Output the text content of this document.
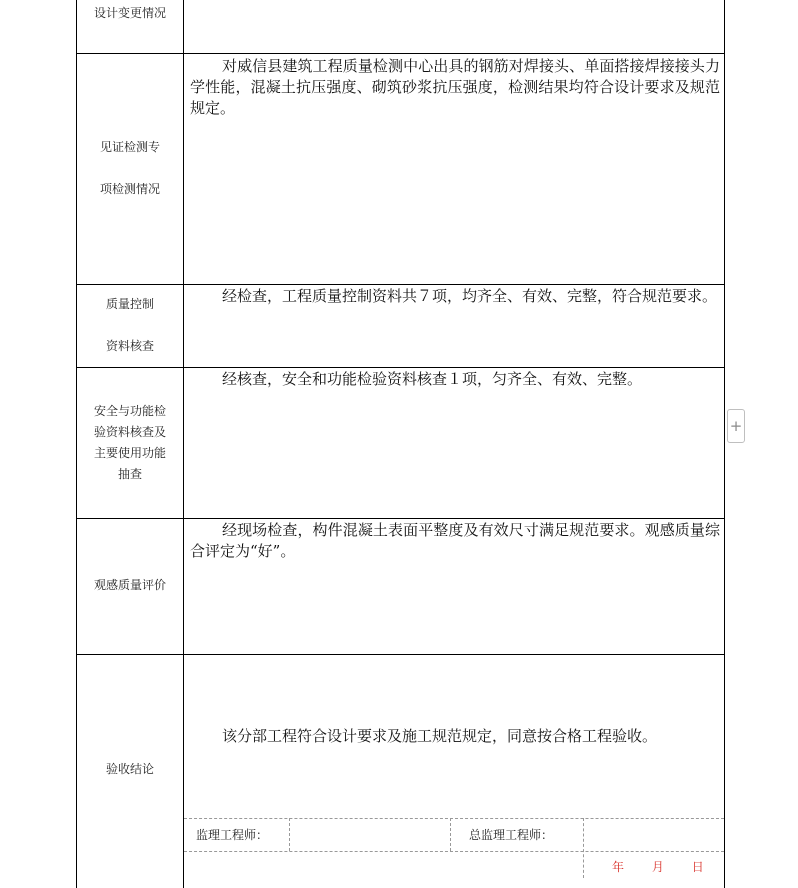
设计变更情况
见证检测专
项检测情况
对威信县建筑工程质量检测中心出具的钢筋对焊接头、单面搭接焊接接头力学性能，混凝土抗压强度、砌筑砂浆抗压强度，检测结果均符合设计要求及规范规定。
质量控制
资料核查
经检查，工程质量控制资料共７项，均齐全、有效、完整，符合规范要求。
安全与功能检
验资料核查及
主要使用功能
抽查
经核查，安全和功能检验资料核查１项，匀齐全、有效、完整。
观感质量评价
经现场检查，构件混凝土表面平整度及有效尺寸满足规范要求。观感质量综合评定为“好”。
验收结论
该分部工程符合设计要求及施工规范规定，同意按合格工程验收。
监理工程师：	总监理工程师：
年 月 日
+
